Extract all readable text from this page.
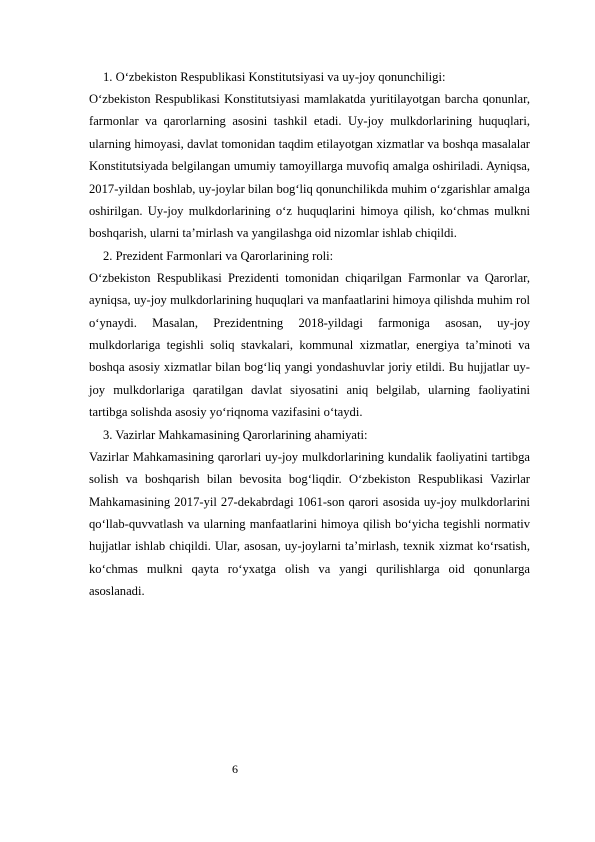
1. O‘zbekiston Respublikasi Konstitutsiyasi va uy-joy qonunchiligi:

O‘zbekiston Respublikasi Konstitutsiyasi mamlakatda yuritilayotgan barcha qonunlar, farmonlar va qarorlarning asosini tashkil etadi. Uy-joy mulkdorlarining huquqlari, ularning himoyasi, davlat tomonidan taqdim etilayotgan xizmatlar va boshqa masalalar Konstitutsiyada belgilangan umumiy tamoyillarga muvofiq amalga oshiriladi. Ayniqsa, 2017-yildan boshlab, uy-joylar bilan bog‘liq qonunchilikda muhim o‘zgarishlar amalga oshirilgan. Uy-joy mulkdorlarining o‘z huquqlarini himoya qilish, ko‘chmas mulkni boshqarish, ularni ta’mirlash va yangilashga oid nizomlar ishlab chiqildi.

2. Prezident Farmonlari va Qarorlarining roli:

O‘zbekiston Respublikasi Prezidenti tomonidan chiqarilgan Farmonlar va Qarorlar, ayniqsa, uy-joy mulkdorlarining huquqlari va manfaatlarini himoya qilishda muhim rol o‘ynaydi. Masalan, Prezidentning 2018-yildagi farmoniga asosan, uy-joy mulkdorlariga tegishli soliq stavkalari, kommunal xizmatlar, energiya ta’minoti va boshqa asosiy xizmatlar bilan bog‘liq yangi yondashuvlar joriy etildi. Bu hujjatlar uy-joy mulkdorlariga qaratilgan davlat siyosatini aniq belgilab, ularning faoliyatini tartibga solishda asosiy yo‘riqnoma vazifasini o‘taydi.

3. Vazirlar Mahkamasining Qarorlarining ahamiyati:

Vazirlar Mahkamasining qarorlari uy-joy mulkdorlarining kundalik faoliyatini tartibga solish va boshqarish bilan bevosita bog‘liqdir. O‘zbekiston Respublikasi Vazirlar Mahkamasining 2017-yil 27-dekabrdagi 1061-son qarori asosida uy-joy mulkdorlarini qo‘llab-quvvatlash va ularning manfaatlarini himoya qilish bo‘yicha tegishli normativ hujjatlar ishlab chiqildi. Ular, asosan, uy-joylarni ta’mirlash, texnik xizmat ko‘rsatish, ko‘chmas mulkni qayta ro‘yxatga olish va yangi qurilishlarga oid qonunlarga asoslanadi.

6
